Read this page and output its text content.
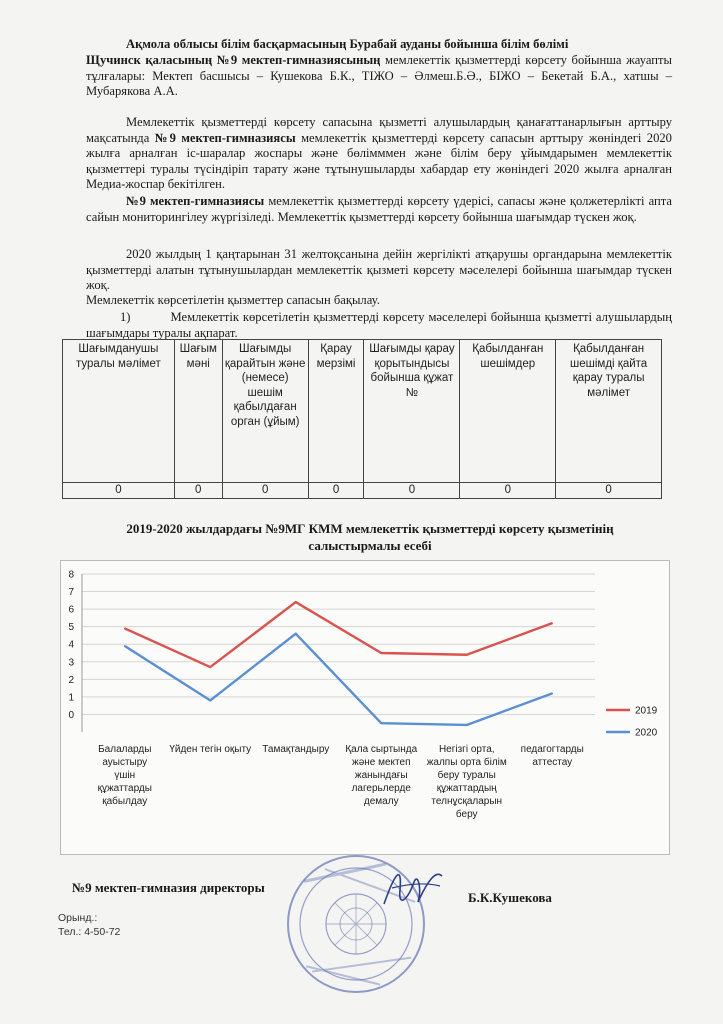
Ақмола облысы білім басқармасының Бурабай ауданы бойынша білім бөлімі
Щучинск қаласының №9 мектеп-гимназиясының мемлекеттік қызметтерді көрсету бойынша жауапты тұлғалары: Мектеп басшысы – Кушекова Б.К., ТІЖО – Әлмеш.Б.Ә., БІЖО – Бекетай Б.А., хатшы – Мубарякова А.А.
Мемлекеттік қызметтерді көрсету сапасына қызметті алушылардың қанағаттанарлығын арттыру мақсатында №9 мектеп-гимназиясы мемлекеттік қызметтерді көрсету сапасын арттыру жөніндегі 2020 жылға арналған іс-шаралар жоспары және бөлімммен және білім беру ұйымдарымен мемлекеттік қызметтері туралы түсіндіріп тарату және тұтынушыларды хабардар ету жөніндегі 2020 жылға арналған Медиа-жоспар бекітілген.
№9 мектеп-гимназиясы мемлекеттік қызметтерді көрсету үдерісі, сапасы және қолжетерлікті апта сайын мониторингілеу жүргізіледі. Мемлекеттік қызметтерді көрсету бойынша шағымдар түскен жоқ.
2020 жылдың 1 қаңтарынан 31 желтоқсанына дейін жергілікті атқарушы органдарына мемлекеттік қызметтерді алатын тұтынушылардан мемлекеттік қызметі көрсету мәселелері бойынша шағымдар түскен жоқ.
Мемлекеттік көрсетілетін қызметтер сапасын бақылау.
1)	Мемлекеттік көрсетілетін қызметтерді көрсету мәселелері бойынша қызметті алушылардың шағымдары туралы ақпарат.
Шағымданушы туралы мәлімет	Шағым мәні	Шағымды қарайтын және (немесе) шешім қабылдаған орган (ұйым)	Қарау мерзімі	Шағымды қарау қорытындысы бойынша құжат №	Қабылданған шешімдер	Қабылданған шешімді қайта қарау туралы мәлімет
0	0	0	0	0	0	0
2019-2020 жылдардағы №9МГ КММ мемлекеттік қызметтерді көрсету қызметінің салыстырмалы есебі
0
1
2
3
4
5
6
7
8
Балаларды ауыстыру үшін құжаттарды қабылдау
Үйден тегін оқыту Тамақтандыру Қала сыртында және мектеп жанындағы лагерьлерде демалу
Негізгі орта, жалпы орта білім беру туралы құжаттардың телнұсқаларын беру
педагогтарды аттестау
2019
2020
№9 мектеп-гимназия директоры
Б.К.Кушекова
Орынд.:
Тел.: 4-50-72
